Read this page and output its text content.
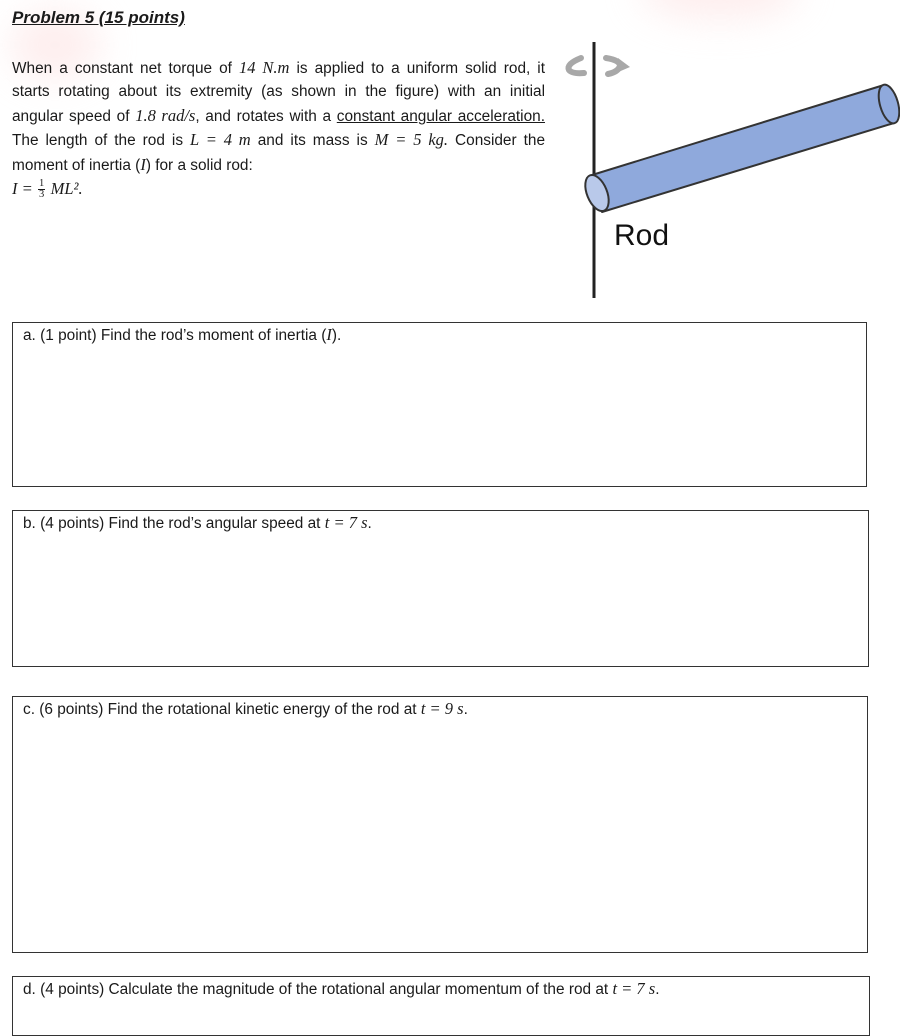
Problem 5 (15 points)

When a constant net torque of 14 N.m is applied to a uniform solid rod, it starts rotating about its extremity (as shown in the figure) with an initial angular speed of 1.8 rad/s, and rotates with a constant angular acceleration. The length of the rod is L = 4 m and its mass is M = 5 kg. Consider the moment of inertia (I) for a solid rod:
$I = \frac{1}{3} ML^2$.

Rod

a. (1 point) Find the rod’s moment of inertia (I).

b. (4 points) Find the rod’s angular speed at t = 7 s.

c. (6 points) Find the rotational kinetic energy of the rod at t = 9 s.

d. (4 points) Calculate the magnitude of the rotational angular momentum of the rod at t = 7 s.
